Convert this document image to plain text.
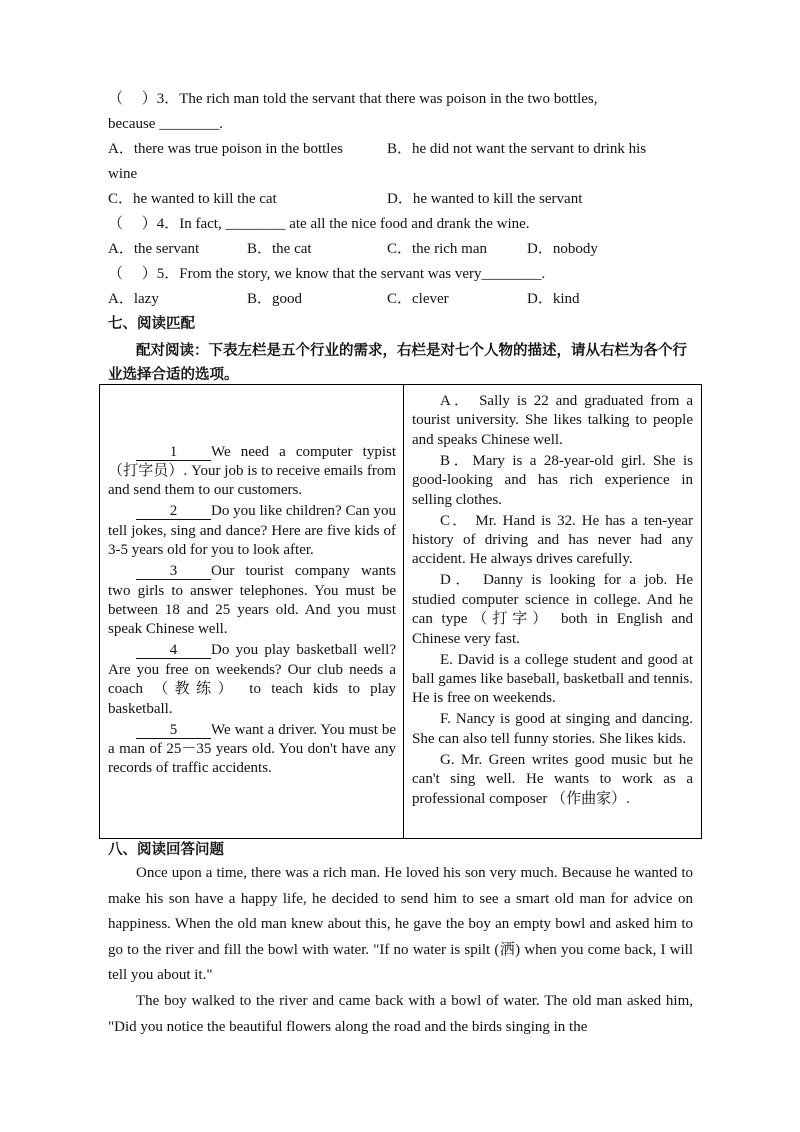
（　 ）3．The rich man told the servant that there was poison in the two bottles,
because ________.
A．there was true poison in the bottles	B．he did not want the servant to drink his
wine
C．he wanted to kill the cat	D．he wanted to kill the servant
（　 ）4．In fact, ________ ate all the nice food and drank the wine.
A．the servant	B．the cat	C．the rich man	D．nobody
（　 ）5．From the story, we know that the servant was very________.
A．lazy	B．good	C．clever	D．kind
七、阅读匹配
配对阅读：下表左栏是五个行业的需求，右栏是对七个人物的描述，请从右栏为各个行业选择合适的选项。

1 We need a computer typist（打字员）. Your job is to receive emails from and send them to our customers.

2 Do you like children? Can you tell jokes, sing and dance? Here are five kids of 3-5 years old for you to look after.

3 Our tourist company wants two girls to answer telephones. You must be between 18 and 25 years old. And you must speak Chinese well.

4 Do you play basketball well? Are you free on weekends? Our club needs a coach （教练） to teach kids to play basketball.

5 We want a driver. You must be a man of 25－35 years old. You don't have any records of traffic accidents.

A． Sally is 22 and graduated from a tourist university. She likes talking to people and speaks Chinese well.

B．Mary is a 28-year-old girl. She is good-looking and has rich experience in selling clothes.

C． Mr. Hand is 32. He has a ten-year history of driving and has never had any accident. He always drives carefully.

D． Danny is looking for a job. He studied computer science in college. And he can type（打字） both in English and Chinese very fast.

E. David is a college student and good at ball games like baseball, basketball and tennis. He is free on weekends.

F. Nancy is good at singing and dancing. She can also tell funny stories. She likes kids.

G. Mr. Green writes good music but he can't sing well. He wants to work as a professional composer （作曲家）.

八、阅读回答问题

Once upon a time, there was a rich man. He loved his son very much. Because he wanted to make his son have a happy life, he decided to send him to see a smart old man for advice on happiness. When the old man knew about this, he gave the boy an empty bowl and asked him to go to the river and fill the bowl with water. "If no water is spilt (洒) when you come back, I will tell you about it."

The boy walked to the river and came back with a bowl of water. The old man asked him, "Did you notice the beautiful flowers along the road and the birds singing in the
